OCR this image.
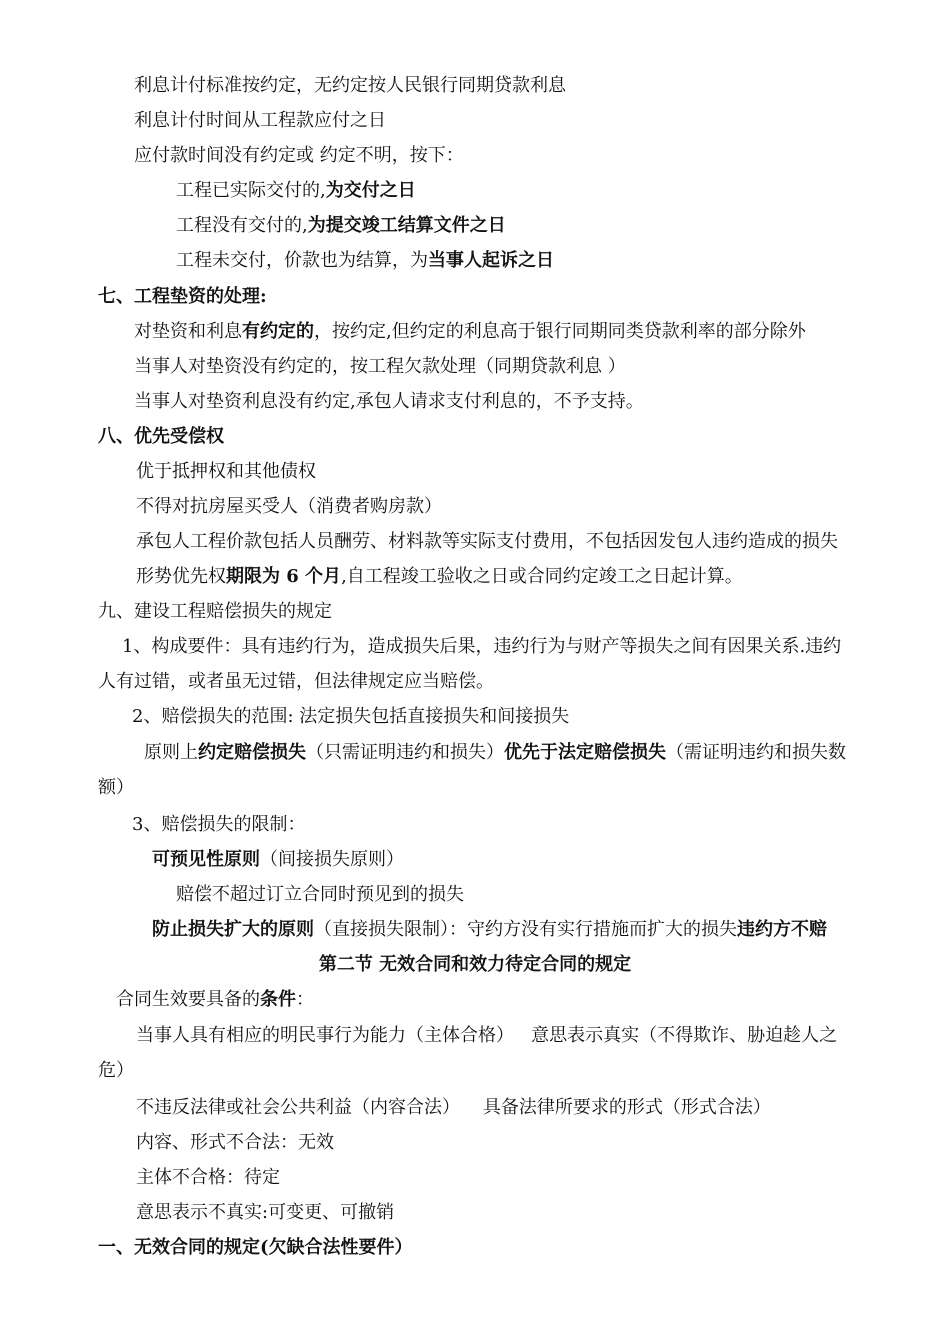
利息计付标准按约定，无约定按人民银行同期贷款利息
利息计付时间从工程款应付之日
应付款时间没有约定或 约定不明，按下：
工程已实际交付的,为交付之日
工程没有交付的,为提交竣工结算文件之日
工程未交付，价款也为结算，为当事人起诉之日
七、工程垫资的处理:
对垫资和利息有约定的，按约定,但约定的利息高于银行同期同类贷款利率的部分除外
当事人对垫资没有约定的，按工程欠款处理（同期贷款利息 ）
当事人对垫资利息没有约定,承包人请求支付利息的，不予支持。
八、优先受偿权
优于抵押权和其他债权
不得对抗房屋买受人（消费者购房款）
承包人工程价款包括人员酬劳、材料款等实际支付费用，不包括因发包人违约造成的损失
形势优先权期限为 6 个月,自工程竣工验收之日或合同约定竣工之日起计算。
九、建设工程赔偿损失的规定
1、构成要件：具有违约行为，造成损失后果，违约行为与财产等损失之间有因果关系.违约
人有过错，或者虽无过错，但法律规定应当赔偿。
2、赔偿损失的范围: 法定损失包括直接损失和间接损失
原则上约定赔偿损失（只需证明违约和损失）优先于法定赔偿损失（需证明违约和损失数
额）
3、赔偿损失的限制：
可预见性原则（间接损失原则）
赔偿不超过订立合同时预见到的损失
防止损失扩大的原则（直接损失限制）：守约方没有实行措施而扩大的损失违约方不赔
第二节 无效合同和效力待定合同的规定
合同生效要具备的条件：
当事人具有相应的明民事行为能力（主体合格）   意思表示真实（不得欺诈、胁迫趁人之
危）
不违反法律或社会公共利益（内容合法）    具备法律所要求的形式（形式合法）
内容、形式不合法：无效
主体不合格：待定
意思表示不真实:可变更、可撤销
一、无效合同的规定(欠缺合法性要件）
